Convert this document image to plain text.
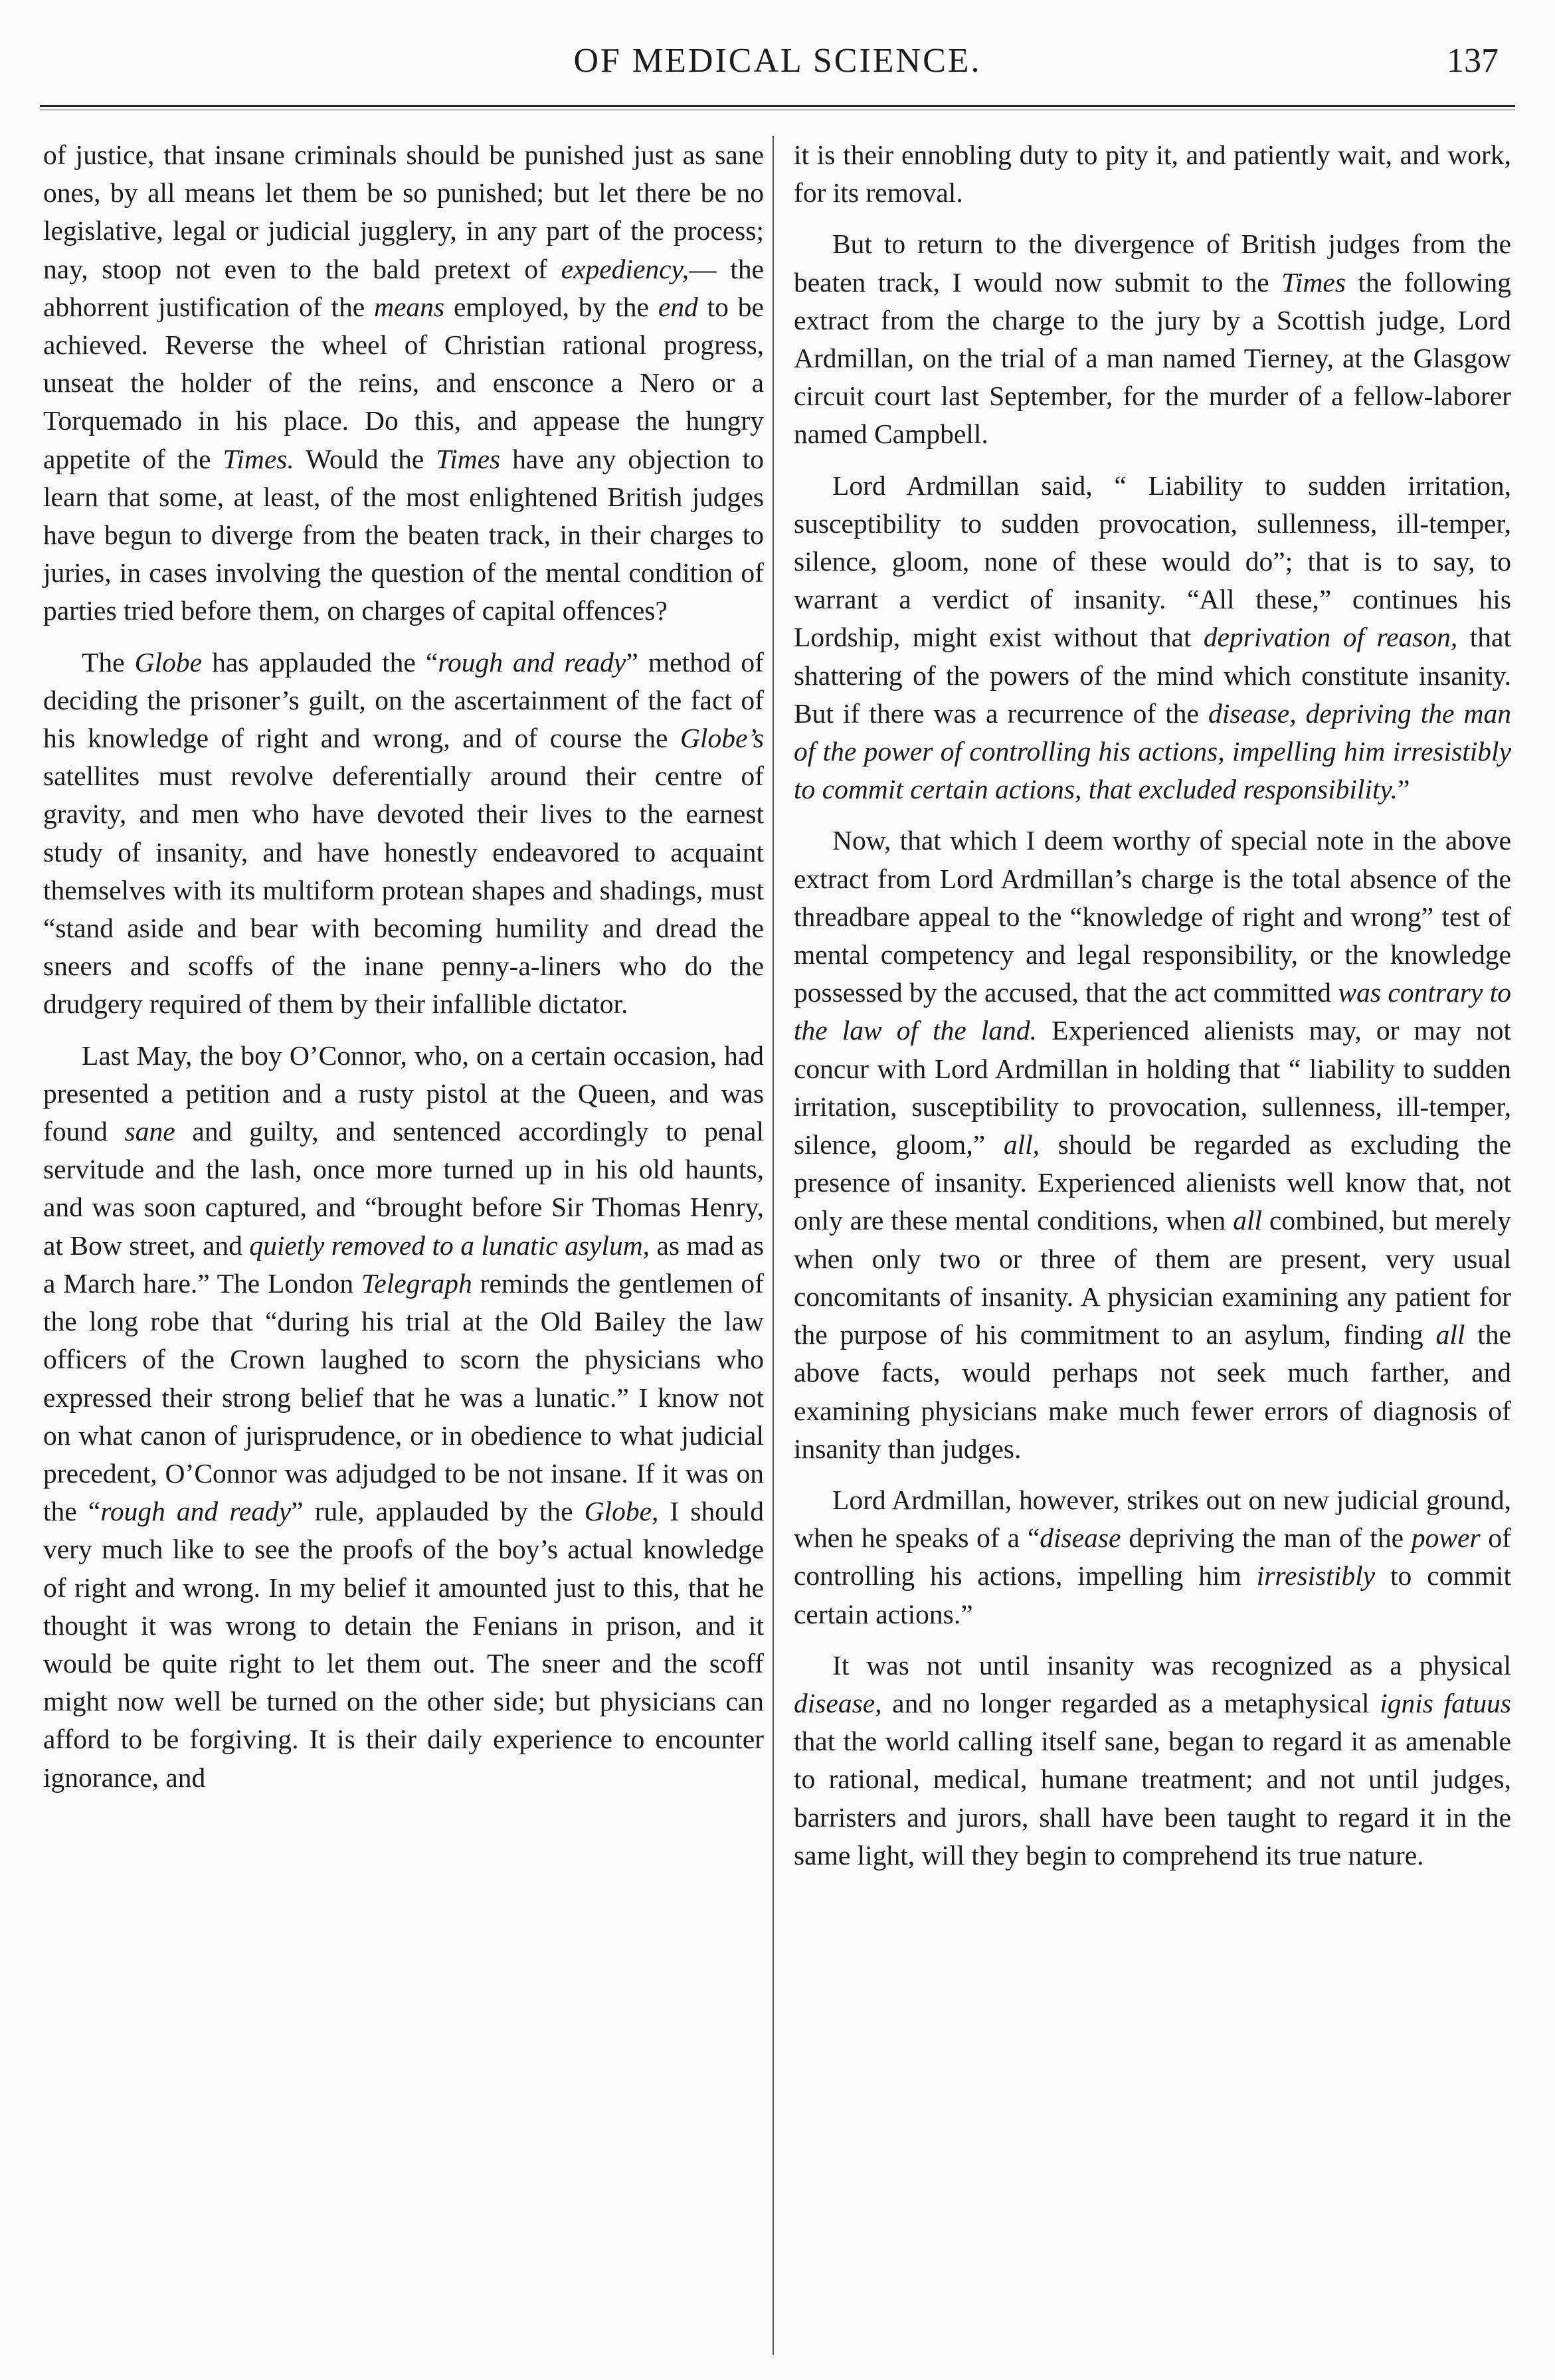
OF MEDICAL SCIENCE.	137

of justice, that insane criminals should be punished just as sane ones, by all means let them be so punished; but let there be no legislative, legal or judicial jugglery, in any part of the process; nay, stoop not even to the bald pretext of expediency,— the abhorrent justification of the means employed, by the end to be achieved. Reverse the wheel of Christian rational progress, unseat the holder of the reins, and ensconce a Nero or a Torquemado in his place. Do this, and appease the hungry appetite of the Times. Would the Times have any objection to learn that some, at least, of the most enlightened British judges have begun to diverge from the beaten track, in their charges to juries, in cases involving the question of the mental condition of parties tried before them, on charges of capital offences?

The Globe has applauded the “rough and ready” method of deciding the prisoner’s guilt, on the ascertainment of the fact of his knowledge of right and wrong, and of course the Globe’s satellites must revolve deferentially around their centre of gravity, and men who have devoted their lives to the earnest study of insanity, and have honestly endeavored to acquaint themselves with its multiform protean shapes and shadings, must “stand aside and bear with becoming humility and dread the sneers and scoffs of the inane penny-a-liners who do the drudgery required of them by their infallible dictator.

Last May, the boy O’Connor, who, on a certain occasion, had presented a petition and a rusty pistol at the Queen, and was found sane and guilty, and sentenced accordingly to penal servitude and the lash, once more turned up in his old haunts, and was soon captured, and “brought before Sir Thomas Henry, at Bow street, and quietly removed to a lunatic asylum, as mad as a March hare.” The London Telegraph reminds the gentlemen of the long robe that “during his trial at the Old Bailey the law officers of the Crown laughed to scorn the physicians who expressed their strong belief that he was a lunatic.” I know not on what canon of jurisprudence, or in obedience to what judicial precedent, O’Connor was adjudged to be not insane. If it was on the “rough and ready” rule, applauded by the Globe, I should very much like to see the proofs of the boy’s actual knowledge of right and wrong. In my belief it amounted just to this, that he thought it was wrong to detain the Fenians in prison, and it would be quite right to let them out. The sneer and the scoff might now well be turned on the other side; but physicians can afford to be forgiving. It is their daily experience to encounter ignorance, and

it is their ennobling duty to pity it, and patiently wait, and work, for its removal.

But to return to the divergence of British judges from the beaten track, I would now submit to the Times the following extract from the charge to the jury by a Scottish judge, Lord Ardmillan, on the trial of a man named Tierney, at the Glasgow circuit court last September, for the murder of a fellow-laborer named Campbell.

Lord Ardmillan said, “ Liability to sudden irritation, susceptibility to sudden provocation, sullenness, ill-temper, silence, gloom, none of these would do”; that is to say, to warrant a verdict of insanity. “All these,” continues his Lordship, might exist without that deprivation of reason, that shattering of the powers of the mind which constitute insanity. But if there was a recurrence of the disease, depriving the man of the power of controlling his actions, impelling him irresistibly to commit certain actions, that excluded responsibility.”

Now, that which I deem worthy of special note in the above extract from Lord Ardmillan’s charge is the total absence of the threadbare appeal to the “knowledge of right and wrong” test of mental competency and legal responsibility, or the knowledge possessed by the accused, that the act committed was contrary to the law of the land. Experienced alienists may, or may not concur with Lord Ardmillan in holding that “ liability to sudden irritation, susceptibility to provocation, sullenness, ill-temper, silence, gloom,” all, should be regarded as excluding the presence of insanity. Experienced alienists well know that, not only are these mental conditions, when all combined, but merely when only two or three of them are present, very usual concomitants of insanity. A physician examining any patient for the purpose of his commitment to an asylum, finding all the above facts, would perhaps not seek much farther, and examining physicians make much fewer errors of diagnosis of insanity than judges.

Lord Ardmillan, however, strikes out on new judicial ground, when he speaks of a “disease depriving the man of the power of controlling his actions, impelling him irresistibly to commit certain actions.”

It was not until insanity was recognized as a physical disease, and no longer regarded as a metaphysical ignis fatuus that the world calling itself sane, began to regard it as amenable to rational, medical, humane treatment; and not until judges, barristers and jurors, shall have been taught to regard it in the same light, will they begin to comprehend its true nature.
